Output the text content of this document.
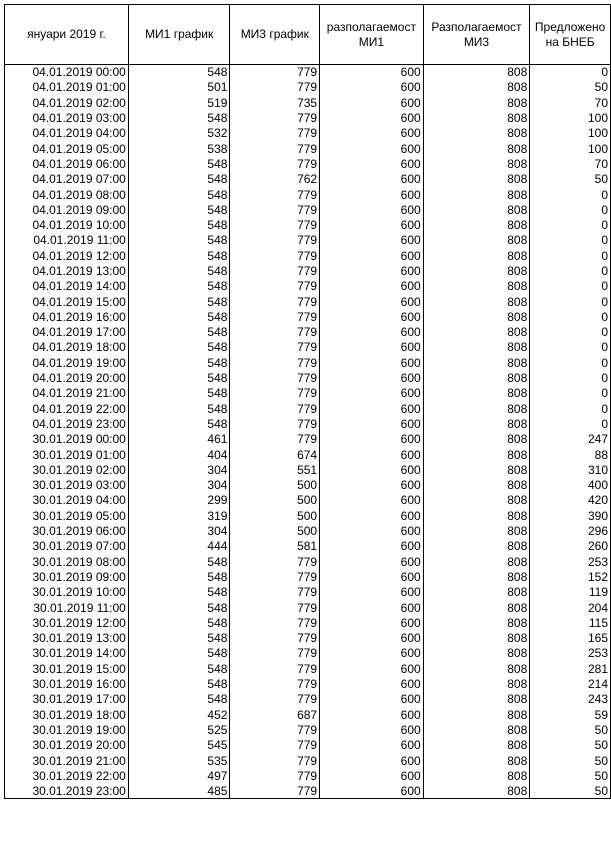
януари 2019 г.	МИ1 график	МИ3 график	разполагаемост МИ1	Разполагаемост МИ3	Предложено на БНЕБ
04.01.2019 00:00	548	779	600	808	0
04.01.2019 01:00	501	779	600	808	50
04.01.2019 02:00	519	735	600	808	70
04.01.2019 03:00	548	779	600	808	100
04.01.2019 04:00	532	779	600	808	100
04.01.2019 05:00	538	779	600	808	100
04.01.2019 06:00	548	779	600	808	70
04.01.2019 07:00	548	762	600	808	50
04.01.2019 08:00	548	779	600	808	0
04.01.2019 09:00	548	779	600	808	0
04.01.2019 10:00	548	779	600	808	0
04.01.2019 11:00	548	779	600	808	0
04.01.2019 12:00	548	779	600	808	0
04.01.2019 13:00	548	779	600	808	0
04.01.2019 14:00	548	779	600	808	0
04.01.2019 15:00	548	779	600	808	0
04.01.2019 16:00	548	779	600	808	0
04.01.2019 17:00	548	779	600	808	0
04.01.2019 18:00	548	779	600	808	0
04.01.2019 19:00	548	779	600	808	0
04.01.2019 20:00	548	779	600	808	0
04.01.2019 21:00	548	779	600	808	0
04.01.2019 22:00	548	779	600	808	0
04.01.2019 23:00	548	779	600	808	0
30.01.2019 00:00	461	779	600	808	247
30.01.2019 01:00	404	674	600	808	88
30.01.2019 02:00	304	551	600	808	310
30.01.2019 03:00	304	500	600	808	400
30.01.2019 04:00	299	500	600	808	420
30.01.2019 05:00	319	500	600	808	390
30.01.2019 06:00	304	500	600	808	296
30.01.2019 07:00	444	581	600	808	260
30.01.2019 08:00	548	779	600	808	253
30.01.2019 09:00	548	779	600	808	152
30.01.2019 10:00	548	779	600	808	119
30.01.2019 11:00	548	779	600	808	204
30.01.2019 12:00	548	779	600	808	115
30.01.2019 13:00	548	779	600	808	165
30.01.2019 14:00	548	779	600	808	253
30.01.2019 15:00	548	779	600	808	281
30.01.2019 16:00	548	779	600	808	214
30.01.2019 17:00	548	779	600	808	243
30.01.2019 18:00	452	687	600	808	59
30.01.2019 19:00	525	779	600	808	50
30.01.2019 20:00	545	779	600	808	50
30.01.2019 21:00	535	779	600	808	50
30.01.2019 22:00	497	779	600	808	50
30.01.2019 23:00	485	779	600	808	50
